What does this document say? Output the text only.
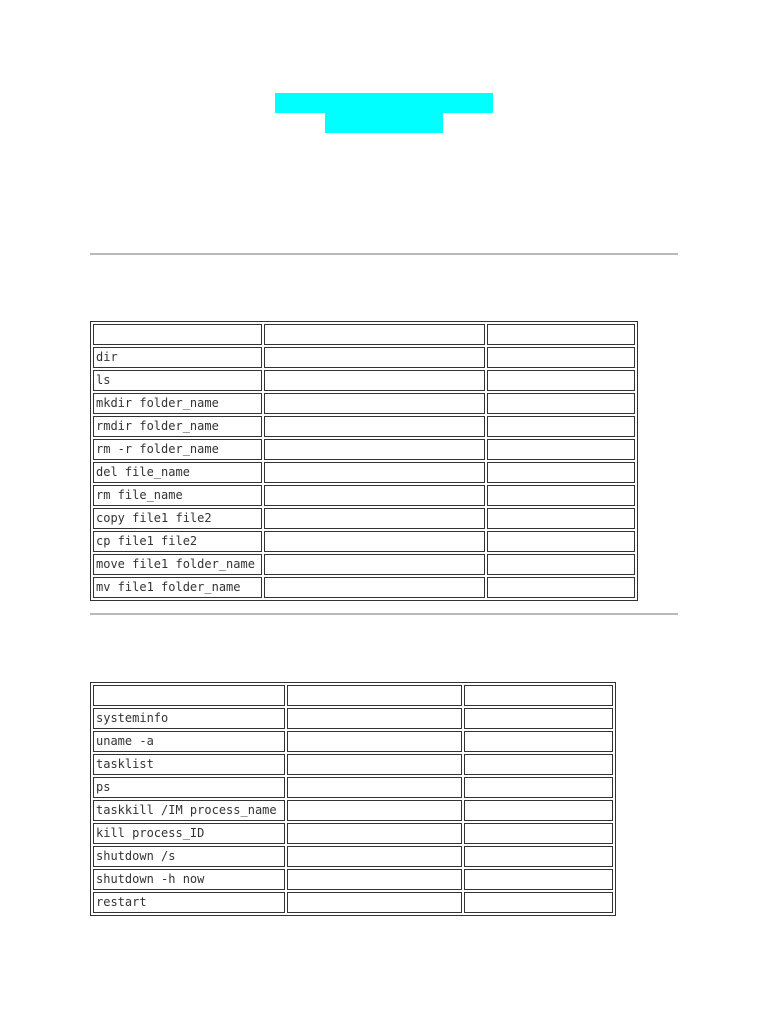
dir		
ls		
mkdir folder_name		
rmdir folder_name		
rm -r folder_name		
del file_name		
rm file_name		
copy file1 file2		
cp file1 file2		
move file1 folder_name		
mv file1 folder_name		

systeminfo		
uname -a		
tasklist		
ps		
taskkill /IM process_name		
kill process_ID		
shutdown /s		
shutdown -h now		
restart		
